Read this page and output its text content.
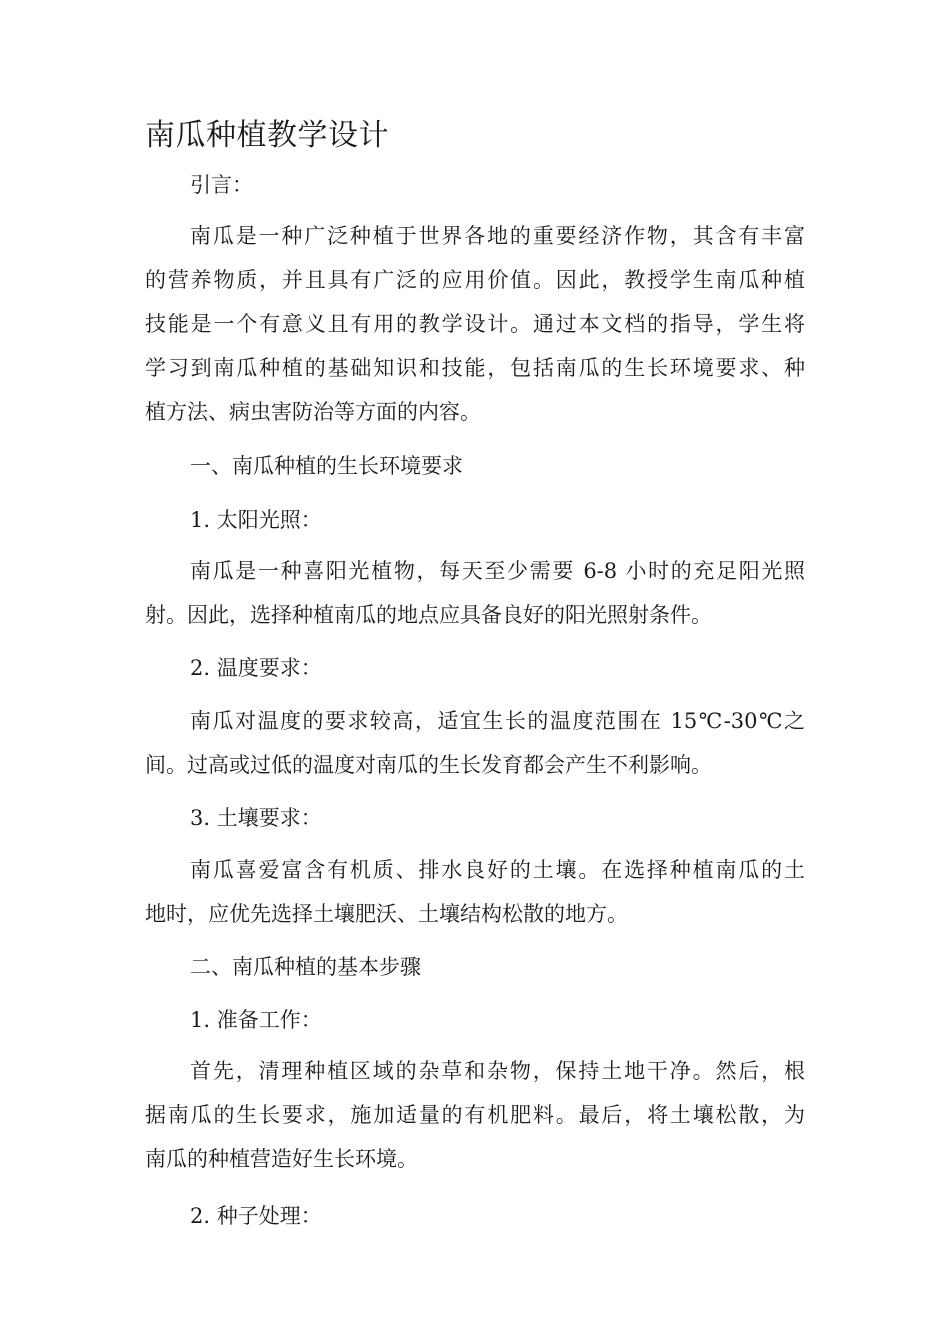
南瓜种植教学设计
引言：
南瓜是一种广泛种植于世界各地的重要经济作物，其含有丰富
的营养物质，并且具有广泛的应用价值。因此，教授学生南瓜种植
技能是一个有意义且有用的教学设计。通过本文档的指导，学生将
学习到南瓜种植的基础知识和技能，包括南瓜的生长环境要求、种
植方法、病虫害防治等方面的内容。
一、南瓜种植的生长环境要求
1. 太阳光照：
南瓜是一种喜阳光植物，每天至少需要 6-8 小时的充足阳光照
射。因此，选择种植南瓜的地点应具备良好的阳光照射条件。
2. 温度要求：
南瓜对温度的要求较高，适宜生长的温度范围在 15℃-30℃之
间。过高或过低的温度对南瓜的生长发育都会产生不利影响。
3. 土壤要求：
南瓜喜爱富含有机质、排水良好的土壤。在选择种植南瓜的土
地时，应优先选择土壤肥沃、土壤结构松散的地方。
二、南瓜种植的基本步骤
1. 准备工作：
首先，清理种植区域的杂草和杂物，保持土地干净。然后，根
据南瓜的生长要求，施加适量的有机肥料。最后，将土壤松散，为
南瓜的种植营造好生长环境。
2. 种子处理：
